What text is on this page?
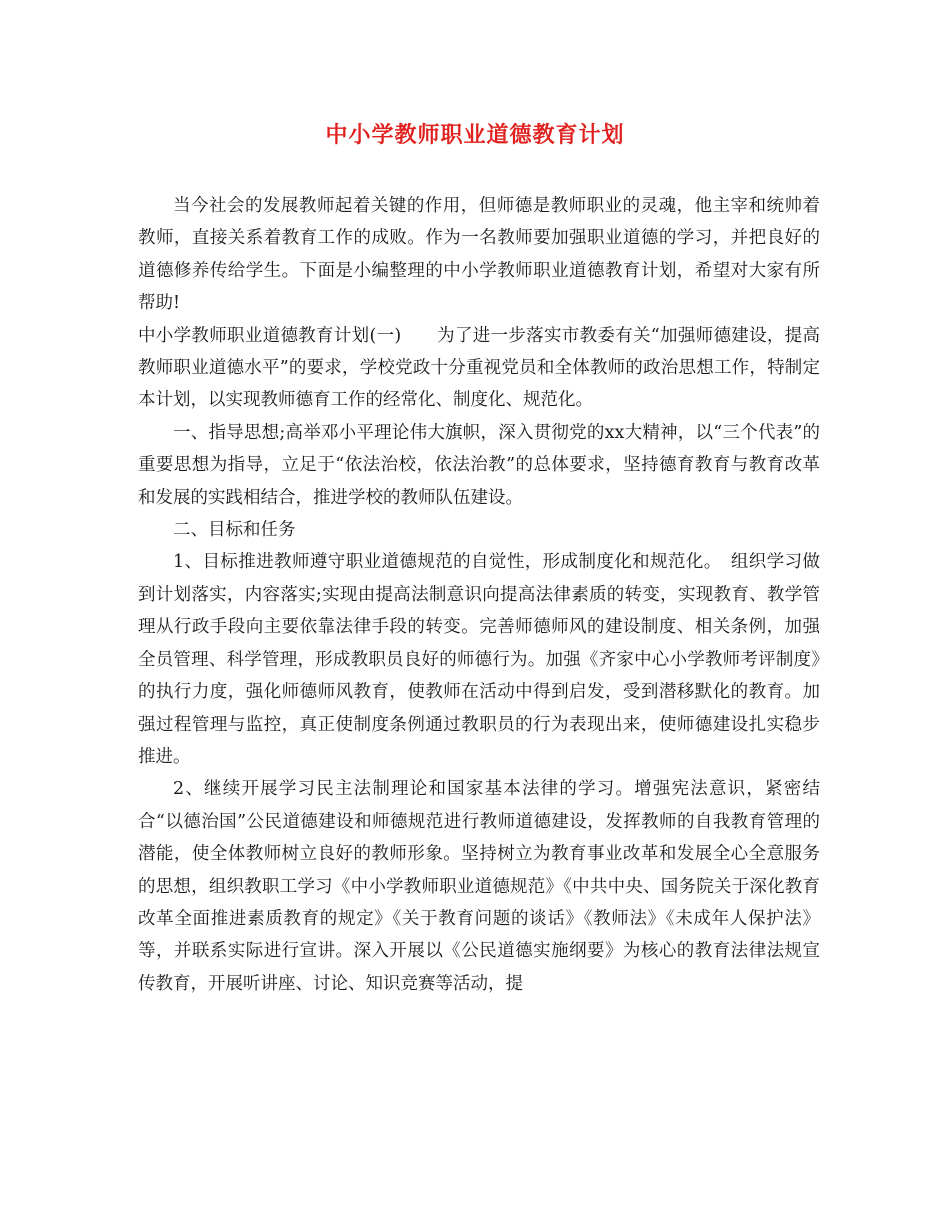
中小学教师职业道德教育计划

当今社会的发展教师起着关键的作用，但师德是教师职业的灵魂，他主宰和统帅着教师，直接关系着教育工作的成败。作为一名教师要加强职业道德的学习，并把良好的道德修养传给学生。下面是小编整理的中小学教师职业道德教育计划，希望对大家有所帮助!

中小学教师职业道德教育计划(一)　　为了进一步落实市教委有关“加强师德建设，提高教师职业道德水平”的要求，学校党政十分重视党员和全体教师的政治思想工作，特制定本计划，以实现教师德育工作的经常化、制度化、规范化。

一、指导思想;高举邓小平理论伟大旗帜，深入贯彻党的xx大精神，以“三个代表”的重要思想为指导，立足于“依法治校，依法治教”的总体要求，坚持德育教育与教育改革和发展的实践相结合，推进学校的教师队伍建设。

二、目标和任务

1、目标推进教师遵守职业道德规范的自觉性，形成制度化和规范化。　组织学习做到计划落实，内容落实;实现由提高法制意识向提高法律素质的转变，实现教育、教学管理从行政手段向主要依靠法律手段的转变。完善师德师风的建设制度、相关条例，加强全员管理、科学管理，形成教职员良好的师德行为。加强《齐家中心小学教师考评制度》的执行力度，强化师德师风教育，使教师在活动中得到启发，受到潜移默化的教育。加强过程管理与监控，真正使制度条例通过教职员的行为表现出来，使师德建设扎实稳步推进。

2、继续开展学习民主法制理论和国家基本法律的学习。增强宪法意识，紧密结合“以德治国”公民道德建设和师德规范进行教师道德建设，发挥教师的自我教育管理的潜能，使全体教师树立良好的教师形象。坚持树立为教育事业改革和发展全心全意服务的思想，组织教职工学习《中小学教师职业道德规范》《中共中央、国务院关于深化教育改革全面推进素质教育的规定》《关于教育问题的谈话》《教师法》《未成年人保护法》等，并联系实际进行宣讲。深入开展以《公民道德实施纲要》为核心的教育法律法规宣传教育，开展听讲座、讨论、知识竞赛等活动，提
